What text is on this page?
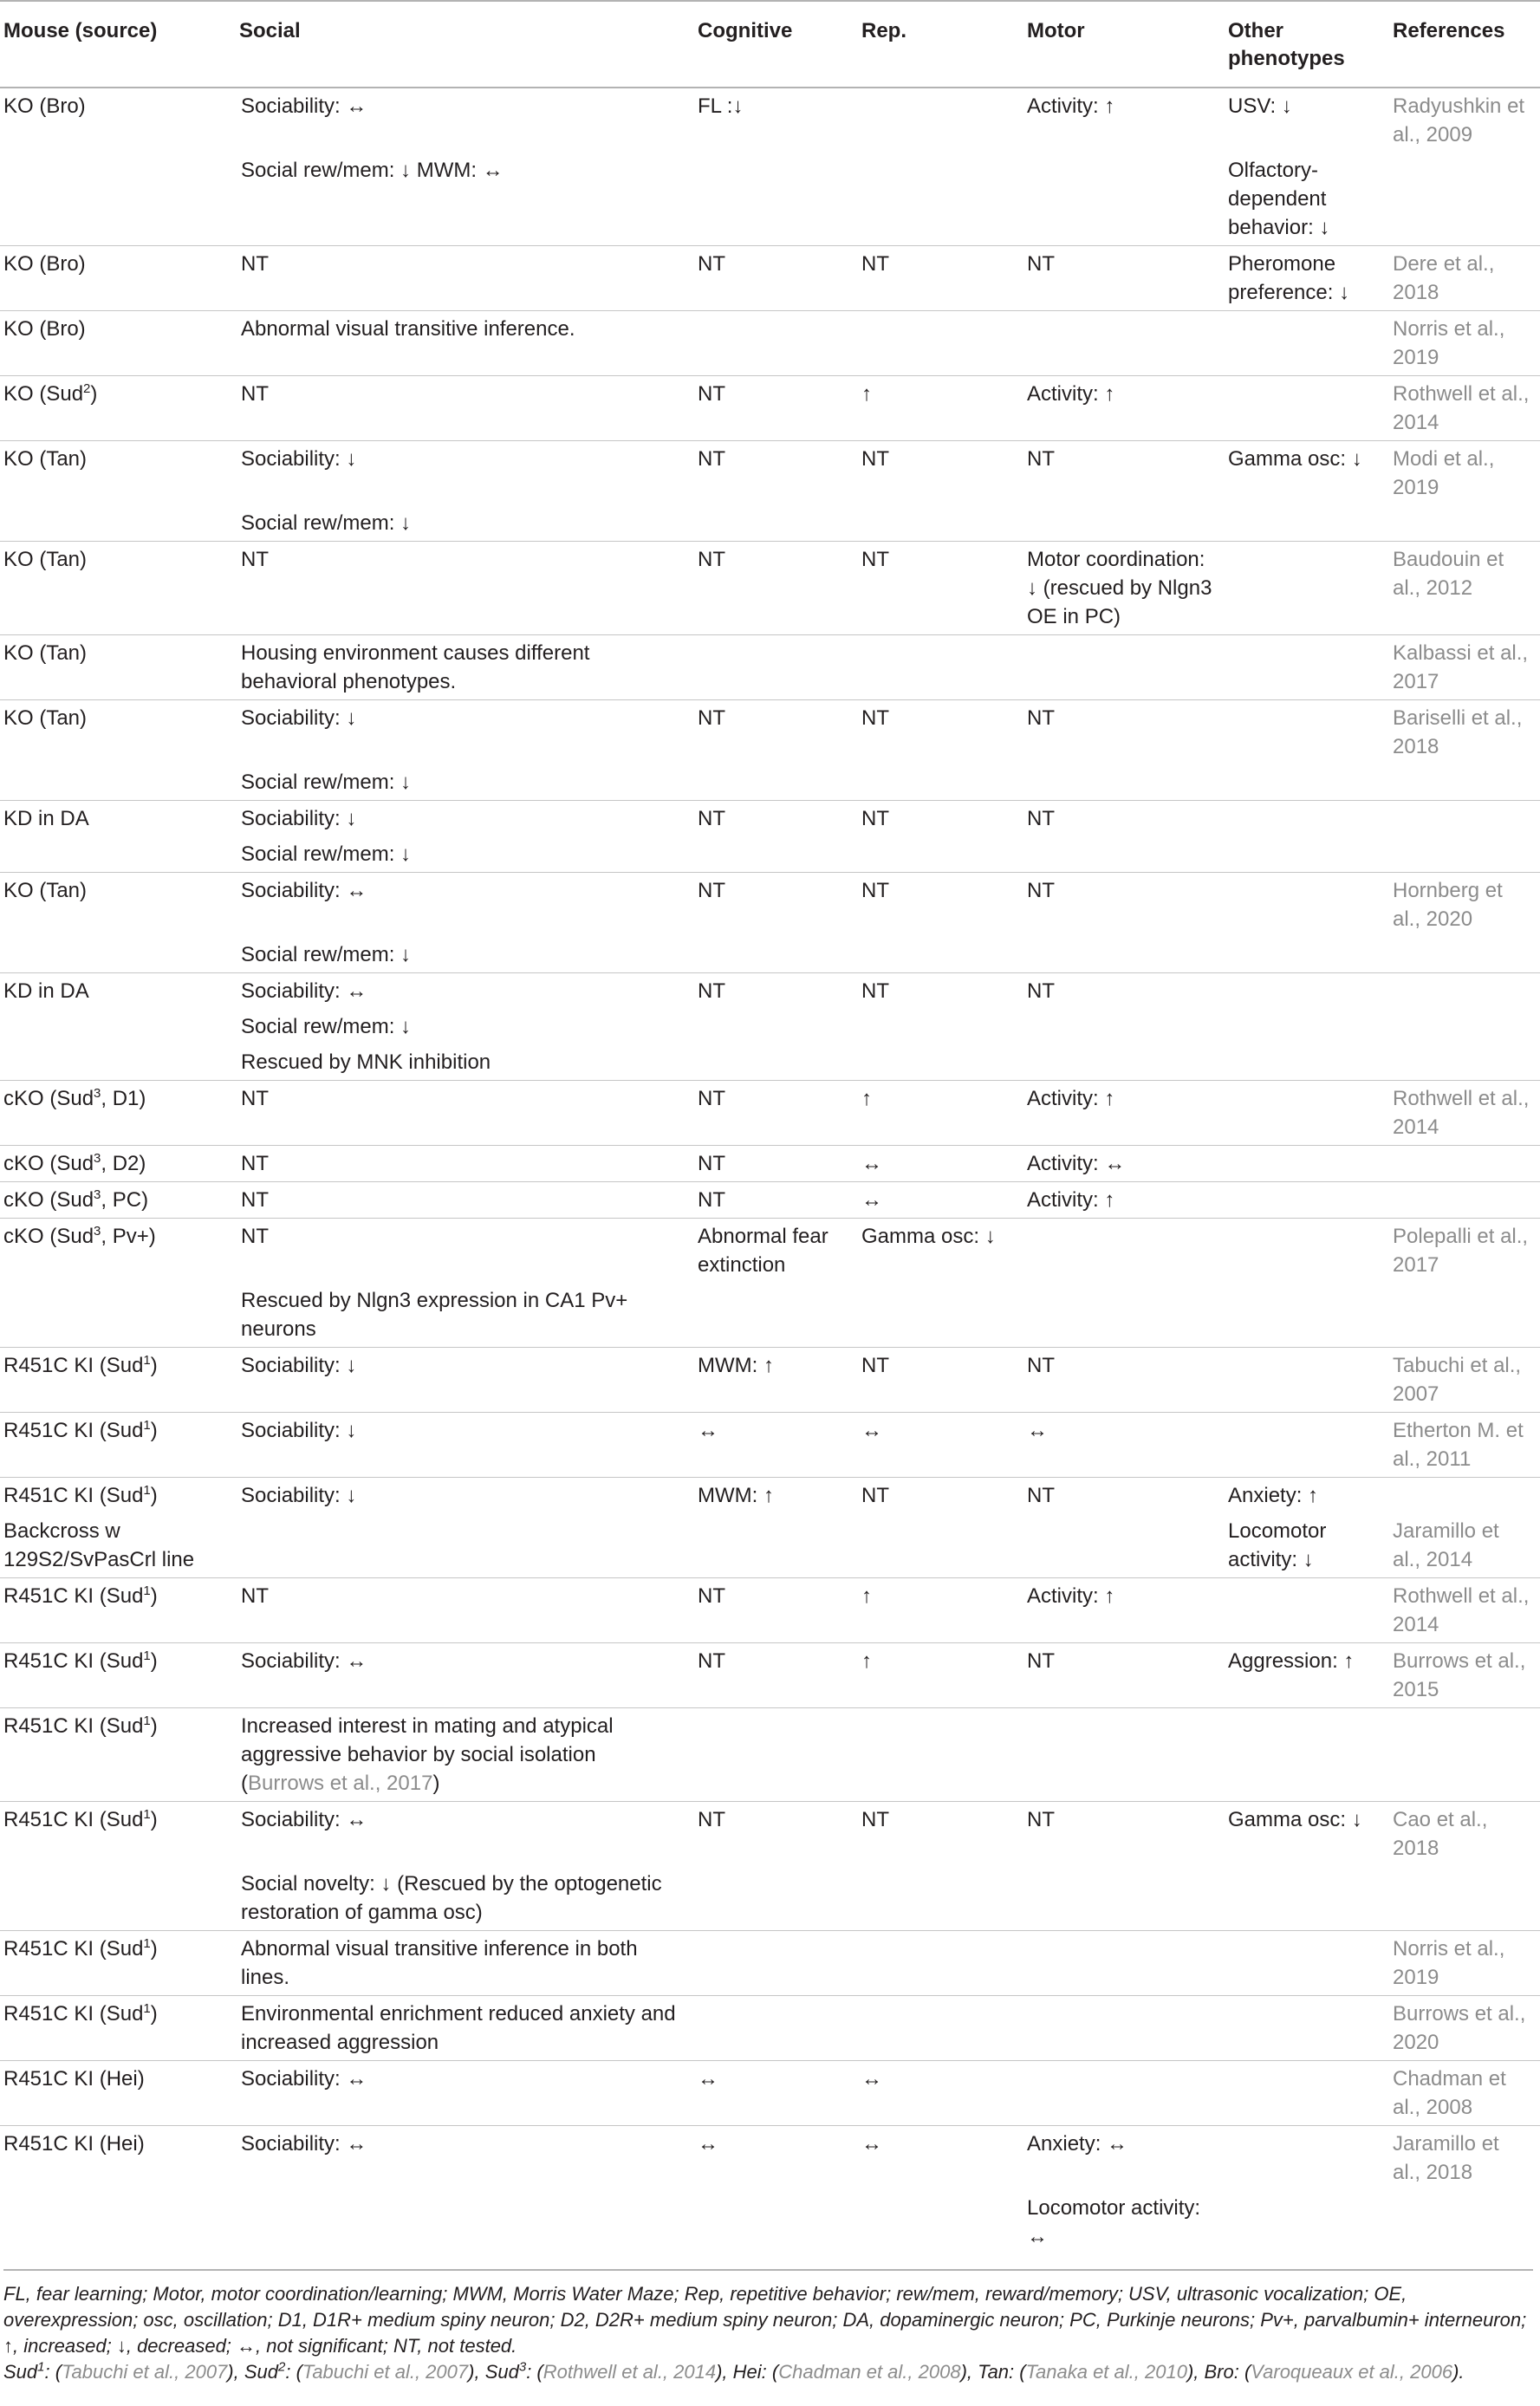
Mouse (source)	Social	Cognitive	Rep.	Motor	Other phenotypes	References
KO (Bro)	Sociability: ↔	FL :↓		Activity: ↑	USV: ↓	Radyushkin et al., 2009
	Social rew/mem: ↓ MWM: ↔				Olfactory-dependent behavior: ↓	
KO (Bro)	NT	NT	NT	NT	Pheromone preference: ↓	Dere et al., 2018
KO (Bro)	Abnormal visual transitive inference.					Norris et al., 2019
KO (Sud$^2$)	NT	NT	↑	Activity: ↑		Rothwell et al., 2014
KO (Tan)	Sociability: ↓	NT	NT	NT	Gamma osc: ↓	Modi et al., 2019
	Social rew/mem: ↓					
KO (Tan)	NT	NT	NT	Motor coordination: ↓ (rescued by Nlgn3 OE in PC)		Baudouin et al., 2012
KO (Tan)	Housing environment causes different behavioral phenotypes.					Kalbassi et al., 2017
KO (Tan)	Sociability: ↓	NT	NT	NT		Bariselli et al., 2018
	Social rew/mem: ↓					
KD in DA	Sociability: ↓	NT	NT	NT		
	Social rew/mem: ↓					
KO (Tan)	Sociability: ↔	NT	NT	NT		Hornberg et al., 2020
	Social rew/mem: ↓					
KD in DA	Sociability: ↔	NT	NT	NT		
	Social rew/mem: ↓					
	Rescued by MNK inhibition					
cKO (Sud$^3$, D1)	NT	NT	↑	Activity: ↑		Rothwell et al., 2014
cKO (Sud$^3$, D2)	NT	NT	↔	Activity: ↔		
cKO (Sud$^3$, PC)	NT	NT	↔	Activity: ↑		
cKO (Sud$^3$, Pv+)	NT	Abnormal fear extinction	Gamma osc: ↓			Polepalli et al., 2017
	Rescued by Nlgn3 expression in CA1 Pv+ neurons					
R451C KI (Sud$^1$)	Sociability: ↓	MWM: ↑	NT	NT		Tabuchi et al., 2007
R451C KI (Sud$^1$)	Sociability: ↓	↔	↔	↔		Etherton M. et al., 2011
R451C KI (Sud$^1$)	Sociability: ↓	MWM: ↑	NT	NT	Anxiety: ↑	
Backcross w 129S2/SvPasCrl line					Locomotor activity: ↓	Jaramillo et al., 2014
R451C KI (Sud$^1$)	NT	NT	↑	Activity: ↑		Rothwell et al., 2014
R451C KI (Sud$^1$)	Sociability: ↔	NT	↑	NT	Aggression: ↑	Burrows et al., 2015
R451C KI (Sud$^1$)	Increased interest in mating and atypical aggressive behavior by social isolation (Burrows et al., 2017)					
R451C KI (Sud$^1$)	Sociability: ↔	NT	NT	NT	Gamma osc: ↓	Cao et al., 2018
	Social novelty: ↓ (Rescued by the optogenetic restoration of gamma osc)					
R451C KI (Sud$^1$)	Abnormal visual transitive inference in both lines.					Norris et al., 2019
R451C KI (Sud$^1$)	Environmental enrichment reduced anxiety and increased aggression					Burrows et al., 2020
R451C KI (Hei)	Sociability: ↔	↔	↔			Chadman et al., 2008
R451C KI (Hei)	Sociability: ↔	↔	↔	Anxiety: ↔		Jaramillo et al., 2018
				Locomotor activity: ↔		

FL, fear learning; Motor, motor coordination/learning; MWM, Morris Water Maze; Rep, repetitive behavior; rew/mem, reward/memory; USV, ultrasonic vocalization; OE, overexpression; osc, oscillation; D1, D1R+ medium spiny neuron; D2, D2R+ medium spiny neuron; DA, dopaminergic neuron; PC, Purkinje neurons; Pv+, parvalbumin+ interneuron; ↑, increased; ↓, decreased; ↔, not significant; NT, not tested.

Sud$^1$: (Tabuchi et al., 2007), Sud$^2$: (Tabuchi et al., 2007), Sud$^3$: (Rothwell et al., 2014), Hei: (Chadman et al., 2008), Tan: (Tanaka et al., 2010), Bro: (Varoqueaux et al., 2006).
